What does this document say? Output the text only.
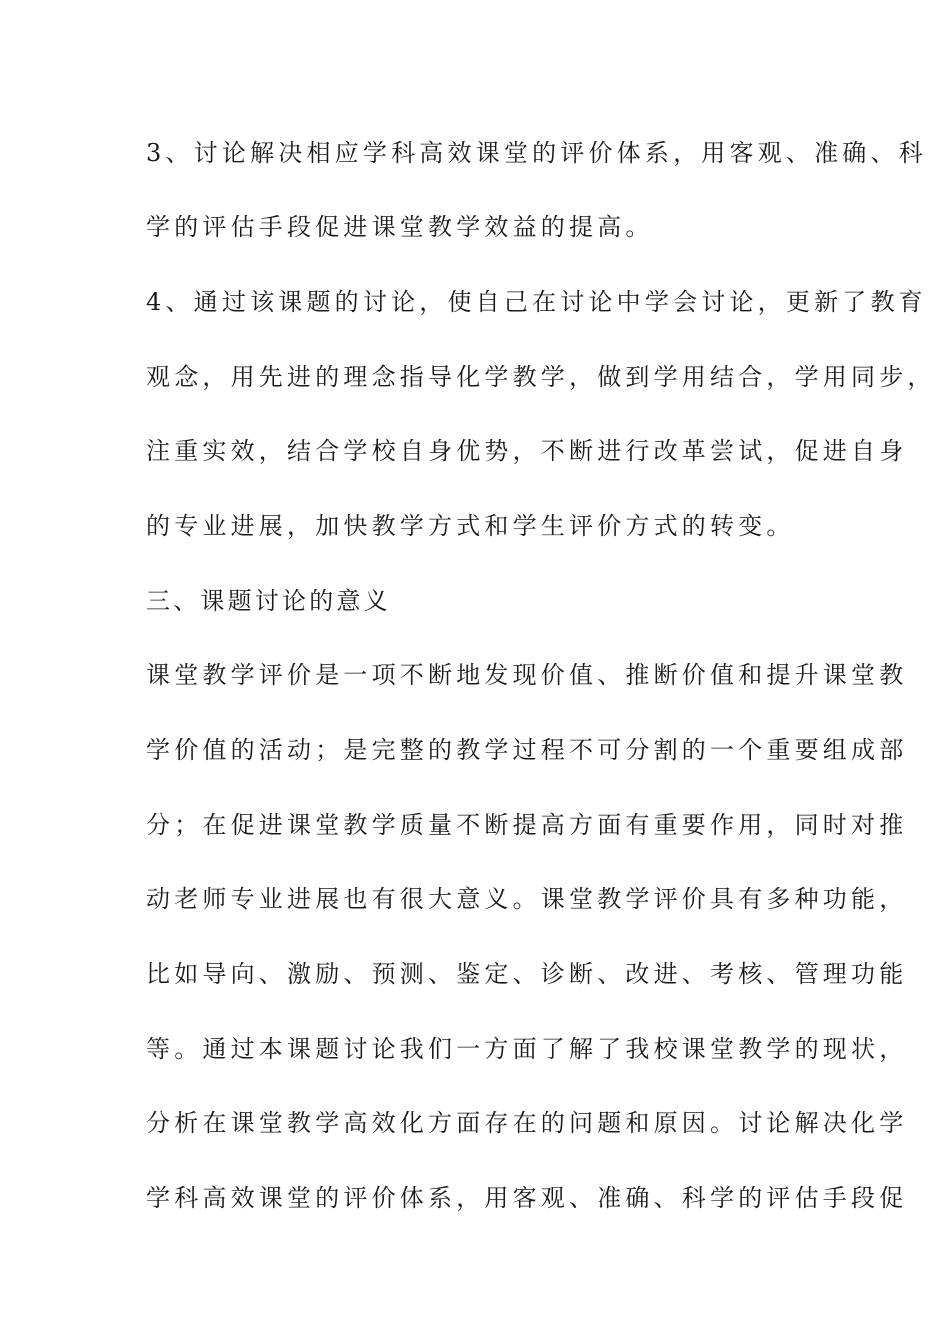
3、讨论解决相应学科高效课堂的评价体系，用客观、准确、科
学的评估手段促进课堂教学效益的提高。
4、通过该课题的讨论，使自己在讨论中学会讨论，更新了教育
观念，用先进的理念指导化学教学，做到学用结合，学用同步，
注重实效，结合学校自身优势，不断进行改革尝试，促进自身
的专业进展，加快教学方式和学生评价方式的转变。
三、课题讨论的意义
课堂教学评价是一项不断地发现价值、推断价值和提升课堂教
学价值的活动；是完整的教学过程不可分割的一个重要组成部
分；在促进课堂教学质量不断提高方面有重要作用，同时对推
动老师专业进展也有很大意义。课堂教学评价具有多种功能，
比如导向、激励、预测、鉴定、诊断、改进、考核、管理功能
等。通过本课题讨论我们一方面了解了我校课堂教学的现状，
分析在课堂教学高效化方面存在的问题和原因。讨论解决化学
学科高效课堂的评价体系，用客观、准确、科学的评估手段促
